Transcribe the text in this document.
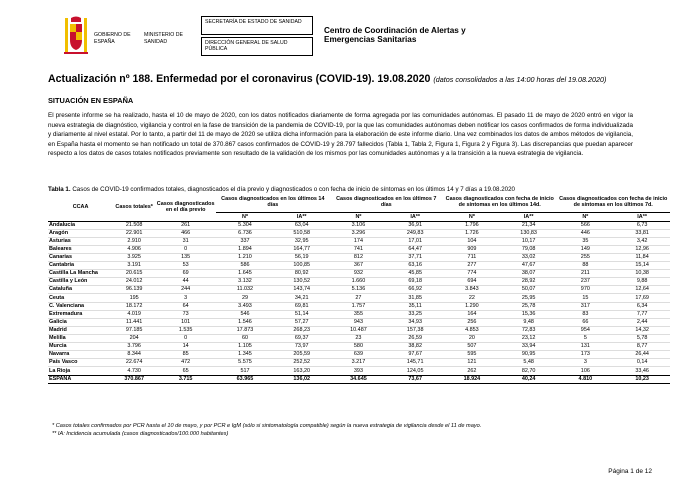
GOBIERNO DE ESPAÑA
MINISTERIO DE SANIDAD
SECRETARÍA DE ESTADO DE SANIDAD
DIRECCIÓN GENERAL DE SALUD PÚBLICA
Centro de Coordinación de Alertas y Emergencias Sanitarias
Actualización nº 188. Enfermedad por el coronavirus (COVID-19). 19.08.2020 (datos consolidados a las 14:00 horas del 19.08.2020)
SITUACIÓN EN ESPAÑA
El presente informe se ha realizado, hasta el 10 de mayo de 2020, con los datos notificados diariamente de forma agregada por las comunidades autónomas. El pasado 11 de mayo de 2020 entró en vigor la nueva estrategia de diagnóstico, vigilancia y control en la fase de transición de la pandemia de COVID-19, por la que las comunidades autónomas deben notificar los casos confirmados de forma individualizada y diariamente al nivel estatal. Por lo tanto, a partir del 11 de mayo de 2020 se utiliza dicha información para la elaboración de este informe diario. Una vez combinados los datos de ambos métodos de vigilancia, en España hasta el momento se han notificado un total de 370.867 casos confirmados de COVID-19 y 28.797 fallecidos (Tabla 1, Tabla 2, Figura 1, Figura 2 y Figura 3). Las discrepancias que puedan aparecer respecto a los datos de casos totales notificados previamente son resultado de la validación de los mismos por las comunidades autónomas y a la transición a la nueva estrategia de vigilancia.
Tabla 1. Casos de COVID-19 confirmados totales, diagnosticados el día previo y diagnosticados o con fecha de inicio de síntomas en los últimos 14 y 7 días a 19.08.2020
CCAA	Casos totales*	Casos diagnosticados en el día previo	Casos diagnosticados en los últimos 14 días		Casos diagnosticados en los últimos 7 días		Casos diagnosticados con fecha de inicio de síntomas en los últimos 14d.		Casos diagnosticados con fecha de inicio de síntomas en los últimos 7d.	
			Nº	IA**	Nº	IA**	Nº	IA**	Nº	IA**
Andalucía	21.508	261	5.304	63,04	3.106	36,91	1.796	21,34	566	6,73
Aragón	22.901	466	6.736	510,58	3.296	249,83	1.726	130,83	446	33,81
Asturias	2.910	31	337	32,95	174	17,01	104	10,17	35	3,42
Baleares	4.906	0	1.894	164,77	741	64,47	909	79,08	149	12,96
Canarias	3.925	135	1.210	56,19	812	37,71	711	33,02	255	11,84
Cantabria	3.191	53	586	100,85	367	63,16	277	47,67	88	15,14
Castilla La Mancha	20.615	69	1.645	80,92	932	45,85	774	38,07	211	10,38
Castilla y León	24.012	44	3.132	130,52	1.660	69,18	694	28,92	237	9,88
Cataluña	96.139	244	11.032	143,74	5.136	66,92	3.843	50,07	970	12,64
Ceuta	195	3	29	34,21	27	31,85	22	25,95	15	17,69
C. Valenciana	18.172	64	3.493	69,81	1.757	35,11	1.290	25,78	317	6,34
Extremadura	4.019	73	546	51,14	355	33,25	164	15,36	83	7,77
Galicia	11.441	101	1.546	57,27	943	34,93	256	9,48	66	2,44
Madrid	97.185	1.535	17.873	268,23	10.487	157,38	4.853	72,83	954	14,32
Melilla	204	0	60	69,37	23	26,59	20	23,12	5	5,78
Murcia	3.796	14	1.105	73,97	580	38,82	507	33,94	131	8,77
Navarra	8.344	85	1.345	205,59	639	97,67	595	90,95	173	26,44
País Vasco	22.674	472	5.575	252,52	3.217	145,71	121	5,48	3	0,14
La Rioja	4.730	65	517	163,20	393	124,05	262	82,70	106	33,46
ESPAÑA	370.867	3.715	63.965	136,02	34.645	73,67	18.924	40,24	4.810	10,23
* Casos totales confirmados por PCR hasta el 10 de mayo, y por PCR e IgM (sólo si sintomatología compatible) según la nueva estrategia de vigilancia desde el 11 de mayo.
** IA: Incidencia acumulada (casos diagnosticados/100.000 habitantes)
Página 1 de 12
